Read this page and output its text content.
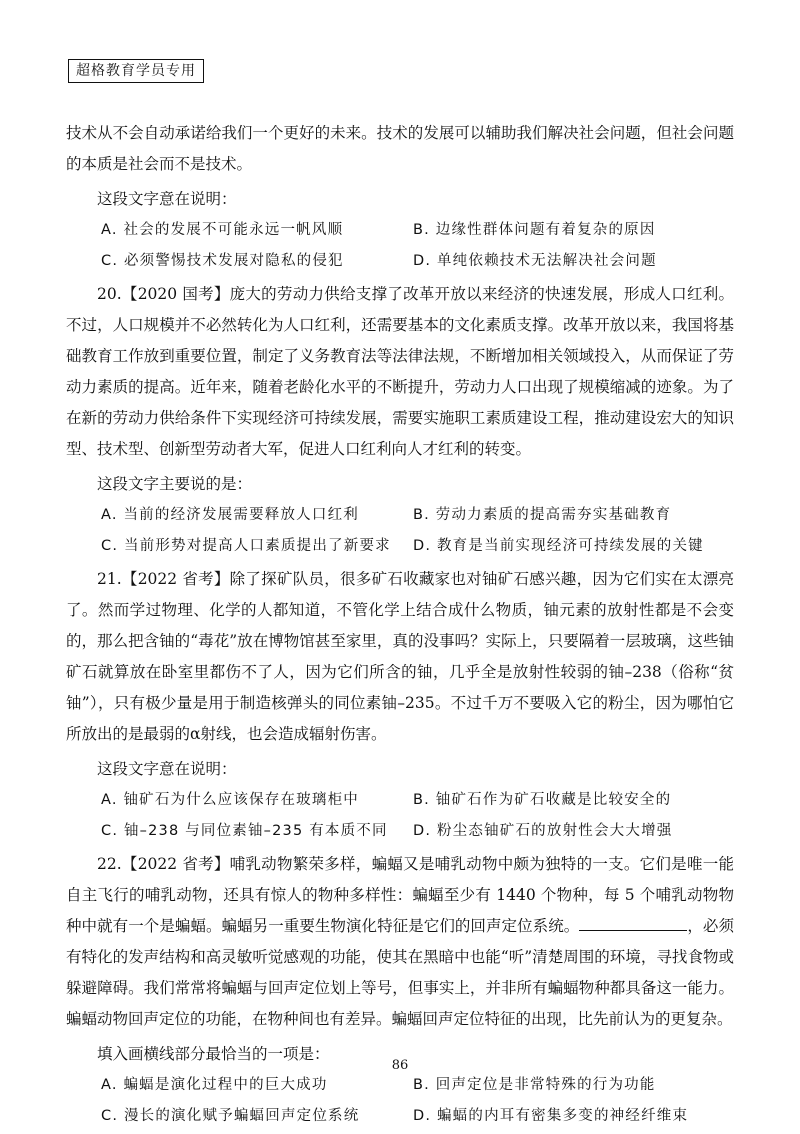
超格教育学员专用

技术从不会自动承诺给我们一个更好的未来。技术的发展可以辅助我们解决社会问题，但社会问题的本质是社会而不是技术。

这段文字意在说明：

A. 社会的发展不可能永远一帆风顺	B. 边缘性群体问题有着复杂的原因
C. 必须警惕技术发展对隐私的侵犯	D. 单纯依赖技术无法解决社会问题

20.【2020 国考】庞大的劳动力供给支撑了改革开放以来经济的快速发展，形成人口红利。不过，人口规模并不必然转化为人口红利，还需要基本的文化素质支撑。改革开放以来，我国将基础教育工作放到重要位置，制定了义务教育法等法律法规，不断增加相关领域投入，从而保证了劳动力素质的提高。近年来，随着老龄化水平的不断提升，劳动力人口出现了规模缩减的迹象。为了在新的劳动力供给条件下实现经济可持续发展，需要实施职工素质建设工程，推动建设宏大的知识型、技术型、创新型劳动者大军，促进人口红利向人才红利的转变。

这段文字主要说的是：

A. 当前的经济发展需要释放人口红利	B. 劳动力素质的提高需夯实基础教育
C. 当前形势对提高人口素质提出了新要求	D. 教育是当前实现经济可持续发展的关键

21.【2022 省考】除了探矿队员，很多矿石收藏家也对铀矿石感兴趣，因为它们实在太漂亮了。然而学过物理、化学的人都知道，不管化学上结合成什么物质，铀元素的放射性都是不会变的，那么把含铀的“毒花”放在博物馆甚至家里，真的没事吗？实际上，只要隔着一层玻璃，这些铀矿石就算放在卧室里都伤不了人，因为它们所含的铀，几乎全是放射性较弱的铀–238（俗称“贫铀”），只有极少量是用于制造核弹头的同位素铀–235。不过千万不要吸入它的粉尘，因为哪怕它所放出的是最弱的α射线，也会造成辐射伤害。

这段文字意在说明：

A. 铀矿石为什么应该保存在玻璃柜中	B. 铀矿石作为矿石收藏是比较安全的
C. 铀–238 与同位素铀–235 有本质不同	D. 粉尘态铀矿石的放射性会大大增强

22.【2022 省考】哺乳动物繁荣多样，蝙蝠又是哺乳动物中颇为独特的一支。它们是唯一能自主飞行的哺乳动物，还具有惊人的物种多样性：蝙蝠至少有 1440 个物种，每 5 个哺乳动物物种中就有一个是蝙蝠。蝙蝠另一重要生物演化特征是它们的回声定位系统。	，必须有特化的发声结构和高灵敏听觉感观的功能，使其在黑暗中也能“听”清楚周围的环境，寻找食物或躲避障碍。我们常常将蝙蝠与回声定位划上等号，但事实上，并非所有蝙蝠物种都具备这一能力。蝙蝠动物回声定位的功能，在物种间也有差异。蝙蝠回声定位特征的出现，比先前认为的更复杂。

填入画横线部分最恰当的一项是：

A. 蝙蝠是演化过程中的巨大成功	B. 回声定位是非常特殊的行为功能
C. 漫长的演化赋予蝙蝠回声定位系统	D. 蝙蝠的内耳有密集多变的神经纤维束
86
